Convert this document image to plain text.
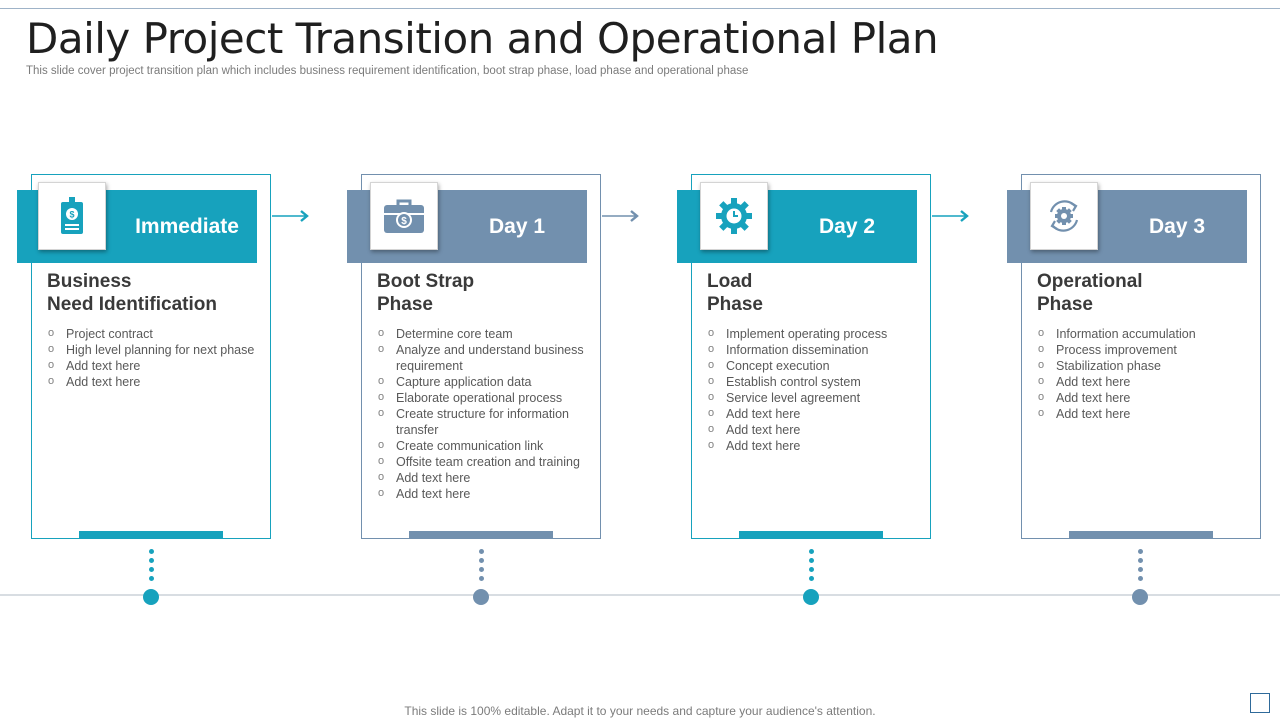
Daily Project Transition and Operational Plan
This slide cover project transition plan which includes business requirement identification, boot strap phase, load phase and operational phase
Immediate
$
Business
Need Identification
o Project contract
o High level planning for next phase
o Add text here
o Add text here
Day 1
$
Boot Strap
Phase
o Determine core team
o Analyze and understand business requirement
o Capture application data
o Elaborate operational process
o Create structure for information transfer
o Create communication link
o Offsite team creation and training
o Add text here
o Add text here
Day 2
Load
Phase
o Implement operating process
o Information dissemination
o Concept execution
o Establish control system
o Service level agreement
o Add text here
o Add text here
o Add text here
Day 3
Operational
Phase
o Information accumulation
o Process improvement
o Stabilization phase
o Add text here
o Add text here
o Add text here
This slide is 100% editable. Adapt it to your needs and capture your audience's attention.
